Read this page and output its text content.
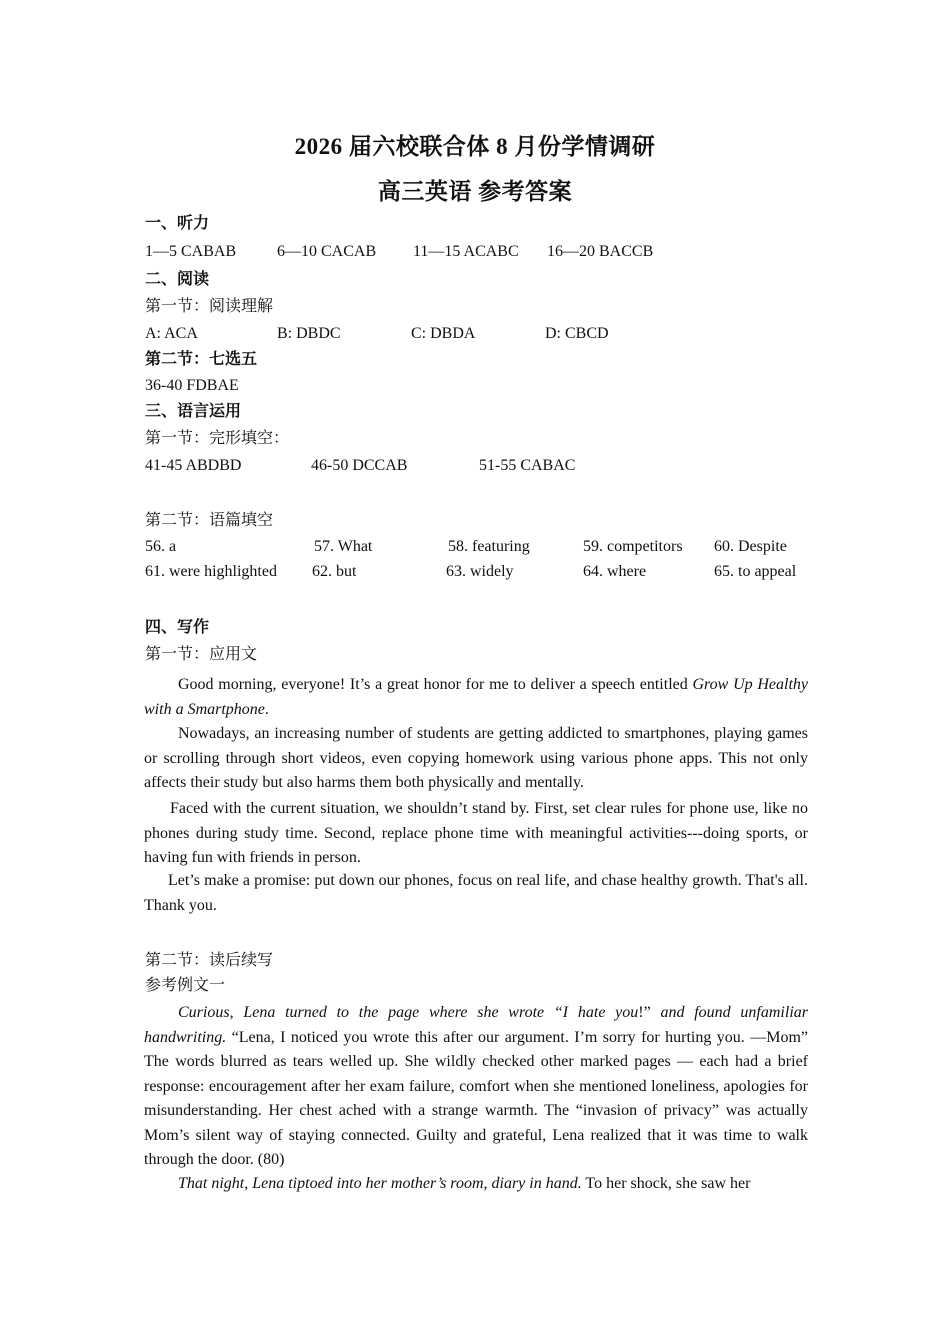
2026 届六校联合体 8 月份学情调研
高三英语 参考答案
一、听力
1—5 CABAB	6—10 CACAB 11—15 ACABC 16—20 BACCB
二、阅读
第一节：阅读理解
A: ACA	B: DBDC	C: DBDA	D: CBCD
第二节：七选五
36-40 FDBAE
三、语言运用
第一节：完形填空：
41-45 ABDBD	46-50 DCCAB	51-55 CABAC
第二节：语篇填空
56. a	57. What	58. featuring	59. competitors 60. Despite
61. were highlighted 62. but	63. widely	64. where	65. to appeal
四、写作
第一节：应用文
Good morning, everyone! It’s a great honor for me to deliver a speech entitled Grow Up Healthy with a Smartphone.
Nowadays, an increasing number of students are getting addicted to smartphones, playing games or scrolling through short videos, even copying homework using various phone apps. This not only affects their study but also harms them both physically and mentally.
Faced with the current situation, we shouldn’t stand by. First, set clear rules for phone use, like no phones during study time. Second, replace phone time with meaningful activities---doing sports, or having fun with friends in person.
Let’s make a promise: put down our phones, focus on real life, and chase healthy growth. That's all. Thank you.
第二节：读后续写
参考例文一
Curious, Lena turned to the page where she wrote “I hate you!” and found unfamiliar handwriting. “Lena, I noticed you wrote this after our argument. I’m sorry for hurting you. —Mom” The words blurred as tears welled up. She wildly checked other marked pages — each had a brief response: encouragement after her exam failure, comfort when she mentioned loneliness, apologies for misunderstanding. Her chest ached with a strange warmth. The “invasion of privacy” was actually Mom’s silent way of staying connected. Guilty and grateful, Lena realized that it was time to walk through the door. (80)
That night, Lena tiptoed into her mother’s room, diary in hand. To her shock, she saw her
